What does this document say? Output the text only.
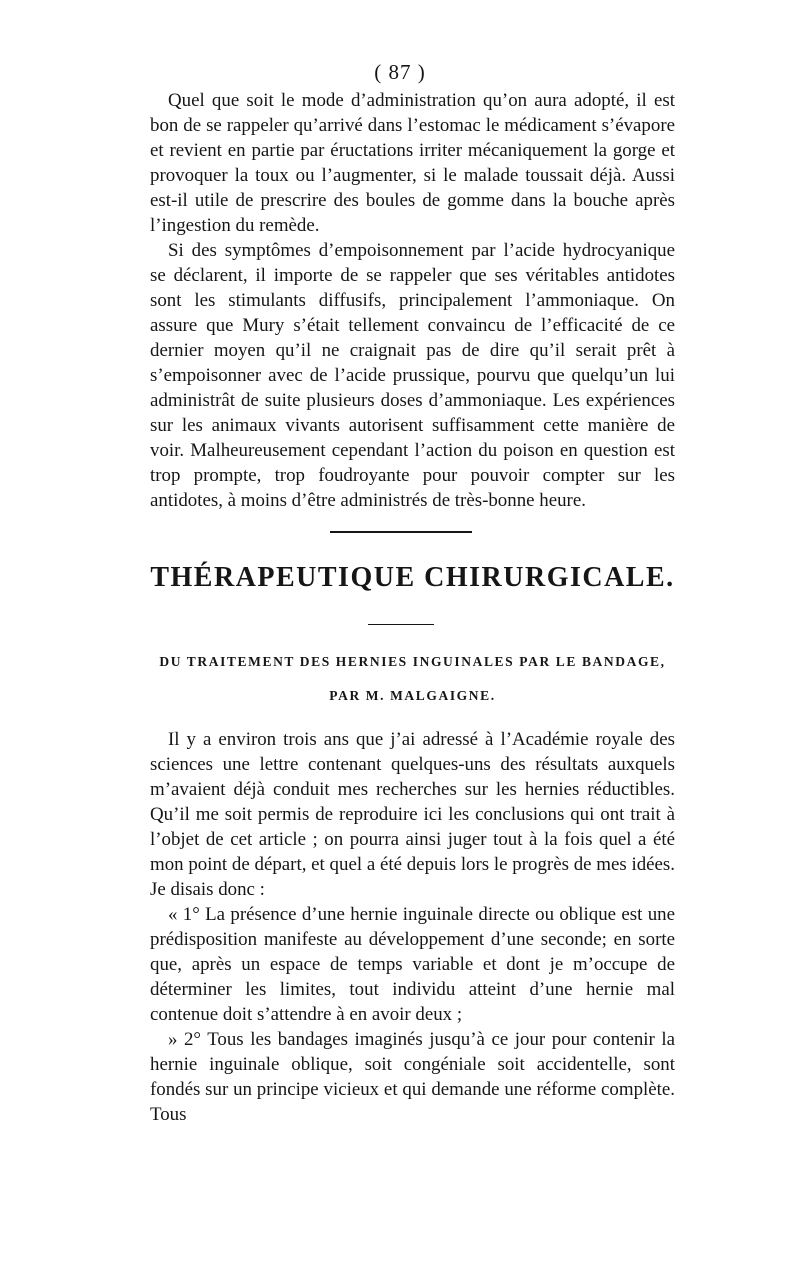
( 87 )

Quel que soit le mode d’administration qu’on aura adopté, il est bon de se rappeler qu’arrivé dans l’estomac le médicament s’évapore et revient en partie par éructations irriter mécaniquement la gorge et provoquer la toux ou l’augmenter, si le malade toussait déjà. Aussi est-il utile de prescrire des boules de gomme dans la bouche après l’ingestion du remède.

Si des symptômes d’empoisonnement par l’acide hydrocyanique se déclarent, il importe de se rappeler que ses véritables antidotes sont les stimulants diffusifs, principalement l’ammoniaque. On assure que Mury s’était tellement convaincu de l’efficacité de ce dernier moyen qu’il ne craignait pas de dire qu’il serait prêt à s’empoisonner avec de l’acide prussique, pourvu que quelqu’un lui administrât de suite plusieurs doses d’ammoniaque. Les expériences sur les animaux vivants autorisent suffisamment cette manière de voir. Malheureusement cependant l’action du poison en question est trop prompte, trop foudroyante pour pouvoir compter sur les antidotes, à moins d’être administrés de très-bonne heure.

THÉRAPEUTIQUE CHIRURGICALE.
DU TRAITEMENT DES HERNIES INGUINALES PAR LE BANDAGE,
PAR M. MALGAIGNE.

Il y a environ trois ans que j’ai adressé à l’Académie royale des sciences une lettre contenant quelques-uns des résultats auxquels m’avaient déjà conduit mes recherches sur les hernies réductibles. Qu’il me soit permis de reproduire ici les conclusions qui ont trait à l’objet de cet article ; on pourra ainsi juger tout à la fois quel a été mon point de départ, et quel a été depuis lors le progrès de mes idées. Je disais donc :

« 1° La présence d’une hernie inguinale directe ou oblique est une prédisposition manifeste au développement d’une seconde; en sorte que, après un espace de temps variable et dont je m’occupe de déterminer les limites, tout individu atteint d’une hernie mal contenue doit s’attendre à en avoir deux ;

» 2° Tous les bandages imaginés jusqu’à ce jour pour contenir la hernie inguinale oblique, soit congéniale soit accidentelle, sont fondés sur un principe vicieux et qui demande une réforme complète. Tous
